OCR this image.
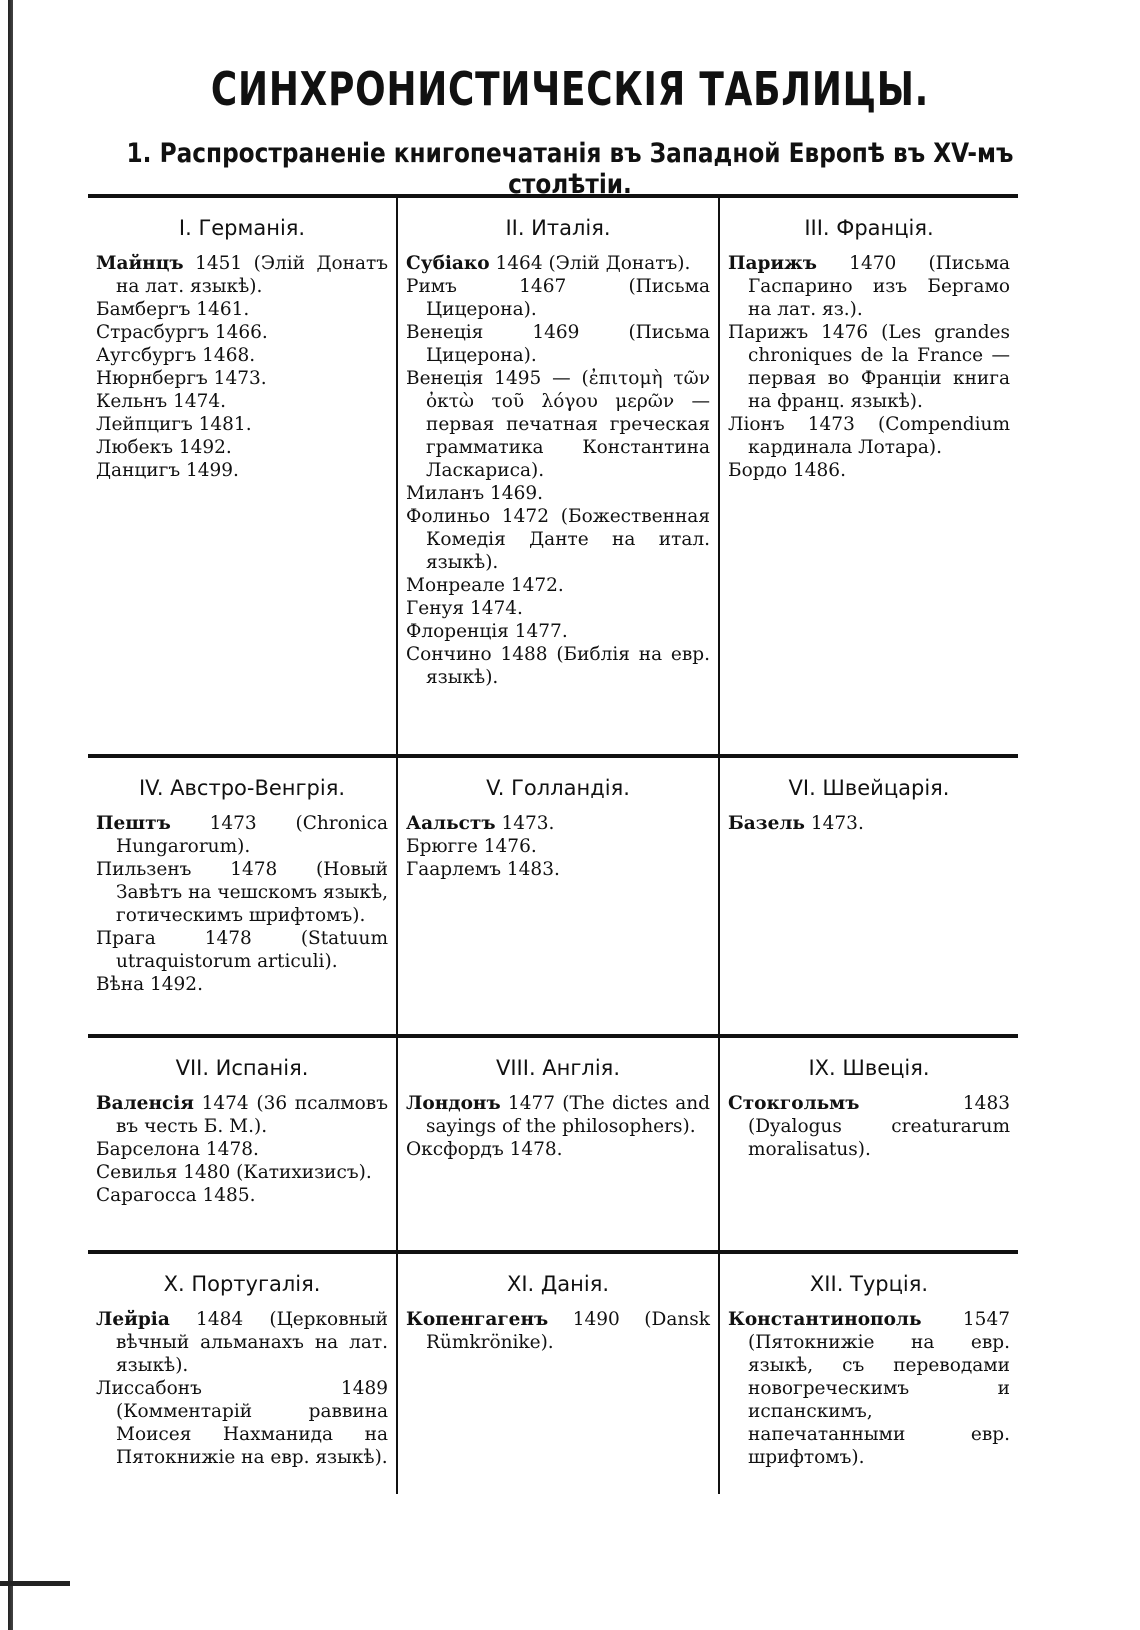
СИНХРОНИСТИЧЕСКІЯ ТАБЛИЦЫ.
1. Распространеніе книгопечатанія въ Западной Европѣ въ XV-мъ столѣтіи.
I. Германія.

Майнцъ 1451 (Элій Донатъ на лат. языкѣ).

Бамбергъ 1461.

Страсбургъ 1466.

Аугсбургъ 1468.

Нюрнбергъ 1473.

Кельнъ 1474.

Лейпцигъ 1481.

Любекъ 1492.

Данцигъ 1499.

II. Италія.

Субіако 1464 (Элій Донатъ).

Римъ 1467 (Письма Цицерона).

Венеція 1469 (Письма Цицерона).

Венеція 1495 — (ἐπιτομὴ τῶν ὀκτὼ τοῦ λόγου μερῶν — первая печатная греческая грамматика Константина Ласкариса).

Миланъ 1469.

Фолиньо 1472 (Божественная Комедія Данте на итал. языкѣ).

Монреале 1472.

Генуя 1474.

Флоренція 1477.

Сончино 1488 (Библія на евр. языкѣ).

III. Франція.

Парижъ 1470 (Письма Гаспарино изъ Бергамо на лат. яз.).

Парижъ 1476 (Les grandes chroniques de la France — первая во Франціи книга на франц. языкѣ).

Ліонъ 1473 (Compendium кардинала Лотара).

Бордо 1486.

IV. Австро-Венгрія.

Пештъ 1473 (Chronica Hungarorum).

Пильзенъ 1478 (Новый Завѣтъ на чешскомъ языкѣ, готическимъ шрифтомъ).

Прага 1478 (Statuum utraquistorum articuli).

Вѣна 1492.

V. Голландія.

Аальстъ 1473.

Брюгге 1476.

Гаарлемъ 1483.

VI. Швейцарія.

Базель 1473.

VII. Испанія.

Валенсія 1474 (36 псалмовъ въ честь Б. М.).

Барселона 1478.

Севилья 1480 (Катихизисъ).

Сарагосса 1485.

VIII. Англія.

Лондонъ 1477 (The dictes and sayings of the philosophers).

Оксфордъ 1478.

IX. Швеція.

Стокгольмъ 1483 (Dyalogus creaturarum moralisatus).

X. Португалія.

Лейріа 1484 (Церковный вѣчный альманахъ на лат. языкѣ).

Лиссабонъ 1489 (Комментарій раввина Моисея Нахманида на Пятокнижіе на евр. языкѣ).

XI. Данія.

Копенгагенъ 1490 (Dansk Rümkrönike).

XII. Турція.

Константинополь 1547 (Пятокнижіе на евр. языкѣ, съ переводами новогреческимъ и испанскимъ, напечатанными евр. шрифтомъ).
